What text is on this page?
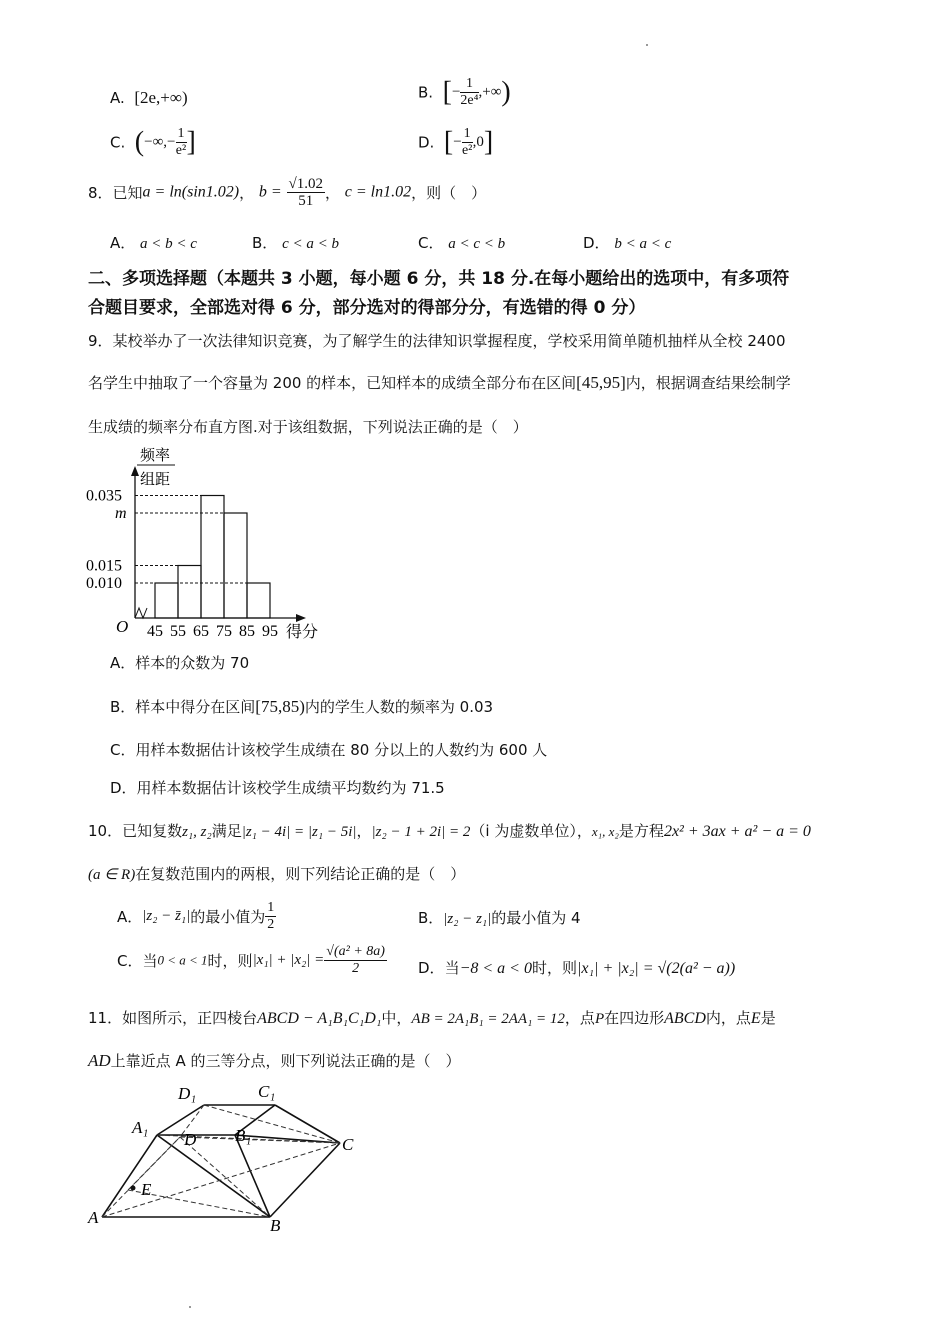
A. [2e,+∞)	B. [− $\frac{1}{\text{2e⁴}}$ ,+∞)
C. (−∞,− $\frac{1}{\text{e²}}$ ]	D. [− $\frac{1}{\text{e²}} ,0$]
8．已知a = ln(sin1.02)， $b = \frac{√1.02}{51}$ ， c = ln1.02，则（　）
A． a < b < c	B． c < a < b	C． a < c < b	D． b < a < c
二、多项选择题（本题共 3 小题，每小题 6 分，共 18 分.在每小题给出的选项中，有多项符
合题目要求，全部选对得 6 分，部分选对的得部分分，有选错的得 0 分）
9．某校举办了一次法律知识竞赛，为了解学生的法律知识掌握程度，学校采用简单随机抽样从全校 2400
名学生中抽取了一个容量为 200 的样本，已知样本的成绩全部分布在区间[45,95]内，根据调查结果绘制学
生成绩的频率分布直方图.对于该组数据，下列说法正确的是（　）
频率
组距
O	得分
0.035
m
0.015
0.010
45 55 65 75 85 95
A．样本的众数为 70
B．样本中得分在区间[75,85)内的学生人数的频率为 0.03
C．用样本数据估计该校学生成绩在 80 分以上的人数约为 600 人
D．用样本数据估计该校学生成绩平均数约为 71.5
10．已知复数z₁, z₂满足|z₁ − 4i| = |z₁ − 5i|，|z₂ − 1 + 2i| = 2（i 为虚数单位），x₁, x₂是方程2x² + 3ax + a² − a = 0
(a ∈ R)在复数范围内的两根，则下列结论正确的是（　）
A．|z₂ − z̄₁|的最小值为 $\frac{1}{2}$	B．|z₂ − z₁|的最小值为 4
C．当0 < a < 1时，则$|x_1| + |x_2| = \frac{\text{√(a² + 8a)}}{2}$ D．当−8 < a < 0时，则|x₁| + |x₂| = √(2(a² − a))
11．如图所示，正四棱台ABCD − A₁B₁C₁D₁中，AB = 2A₁B₁ = 2AA₁ = 12，点P在四边形ABCD内，点E是
AD上靠近点 A 的三等分点，则下列说法正确的是（　）
D₁	C₁
A₁
D B₁	C
E
A	B
